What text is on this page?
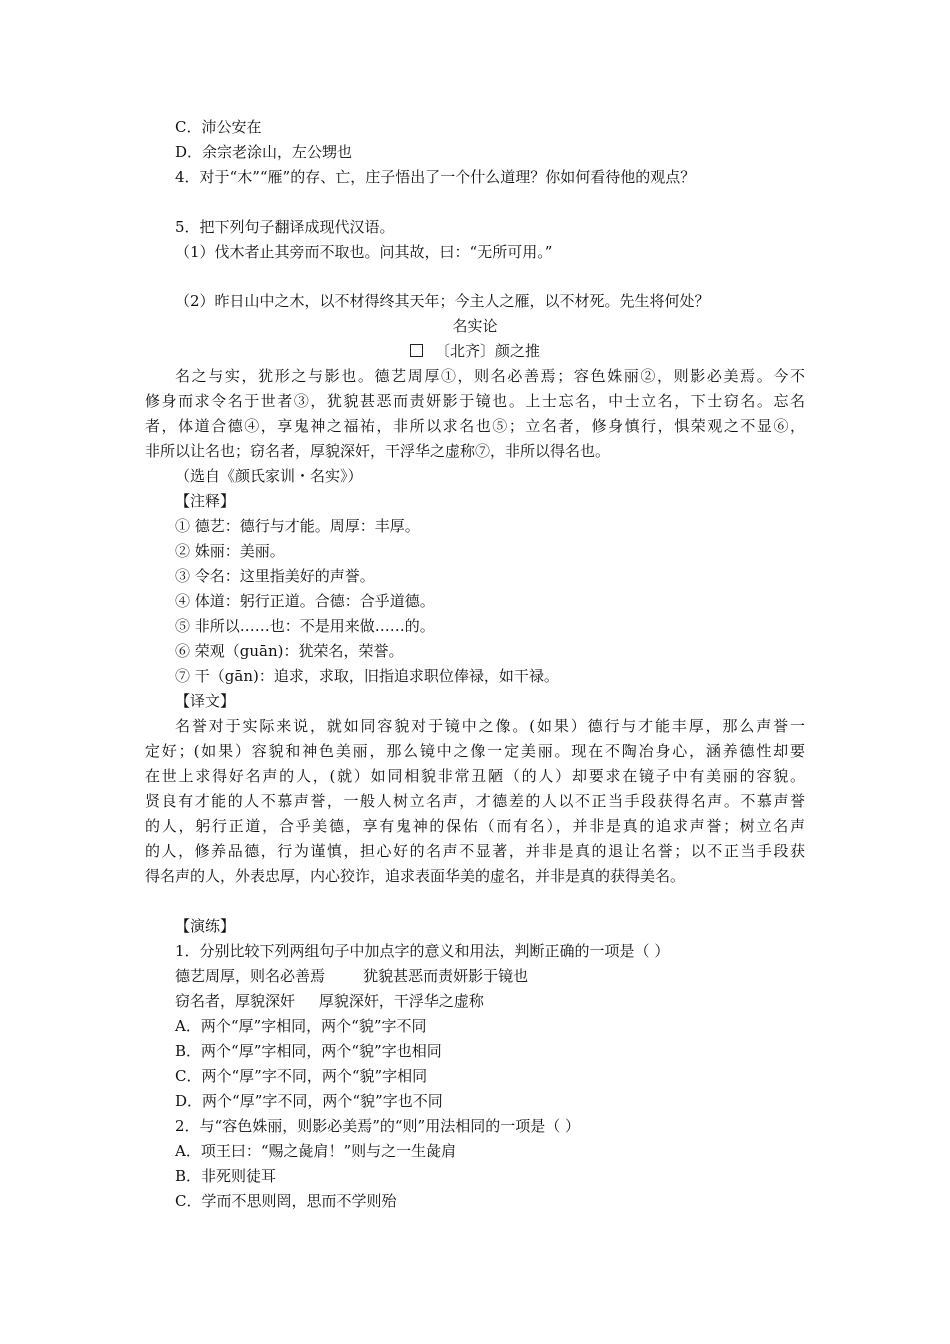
C．沛公安在
D．余宗老涂山，左公甥也
4．对于“木”“雁”的存、亡，庄子悟出了一个什么道理？你如何看待他的观点？
5．把下列句子翻译成现代汉语。
（1）伐木者止其旁而不取也。问其故，曰：“无所可用。”
（2）昨日山中之木，以不材得终其天年；今主人之雁，以不材死。先生将何处？
名实论
〔北齐〕颜之推
名之与实，犹形之与影也。德艺周厚①，则名必善焉；容色姝丽②，则影必美焉。今不
修身而求令名于世者③，犹貌甚恶而责妍影于镜也。上士忘名，中士立名，下士窃名。忘名
者，体道合德④，享鬼神之福祐，非所以求名也⑤；立名者，修身慎行，惧荣观之不显⑥，
非所以让名也；窃名者，厚貌深奸，干浮华之虚称⑦，非所以得名也。
（选自《颜氏家训・名实》）
【注释】
① 德艺：德行与才能。周厚：丰厚。
② 姝丽：美丽。
③ 令名：这里指美好的声誉。
④ 体道：躬行正道。合德：合乎道德。
⑤ 非所以……也：不是用来做……的。
⑥ 荣观（guān)：犹荣名，荣誉。
⑦ 干（gān)：追求，求取，旧指追求职位俸禄，如干禄。
【译文】
名誉对于实际来说，就如同容貌对于镜中之像。(如果）德行与才能丰厚，那么声誉一
定好；(如果）容貌和神色美丽，那么镜中之像一定美丽。现在不陶冶身心，涵养德性却要
在世上求得好名声的人，(就）如同相貌非常丑陋（的人）却要求在镜子中有美丽的容貌。
贤良有才能的人不慕声誉，一般人树立名声，才德差的人以不正当手段获得名声。不慕声誉
的人，躬行正道，合乎美德，享有鬼神的保佑（而有名），并非是真的追求声誉；树立名声
的人，修养品德，行为谨慎，担心好的名声不显著，并非是真的退让名誉；以不正当手段获
得名声的人，外表忠厚，内心狡诈，追求表面华美的虚名，并非是真的获得美名。
【演练】
1．分别比较下列两组句子中加点字的意义和用法，判断正确的一项是（ ）
德艺周厚，则名必善焉        犹貌甚恶而责妍影于镜也
窃名者，厚貌深奸     厚貌深奸，干浮华之虚称
A．两个“厚”字相同，两个“貌”字不同
B．两个“厚”字相同，两个“貌”字也相同
C．两个“厚”字不同，两个“貌”字相同
D．两个“厚”字不同，两个“貌”字也不同
2．与“容色姝丽，则影必美焉”的“则”用法相同的一项是（ ）
A．项王曰：“赐之彘肩！”则与之一生彘肩
B．非死则徒耳
C．学而不思则罔，思而不学则殆
